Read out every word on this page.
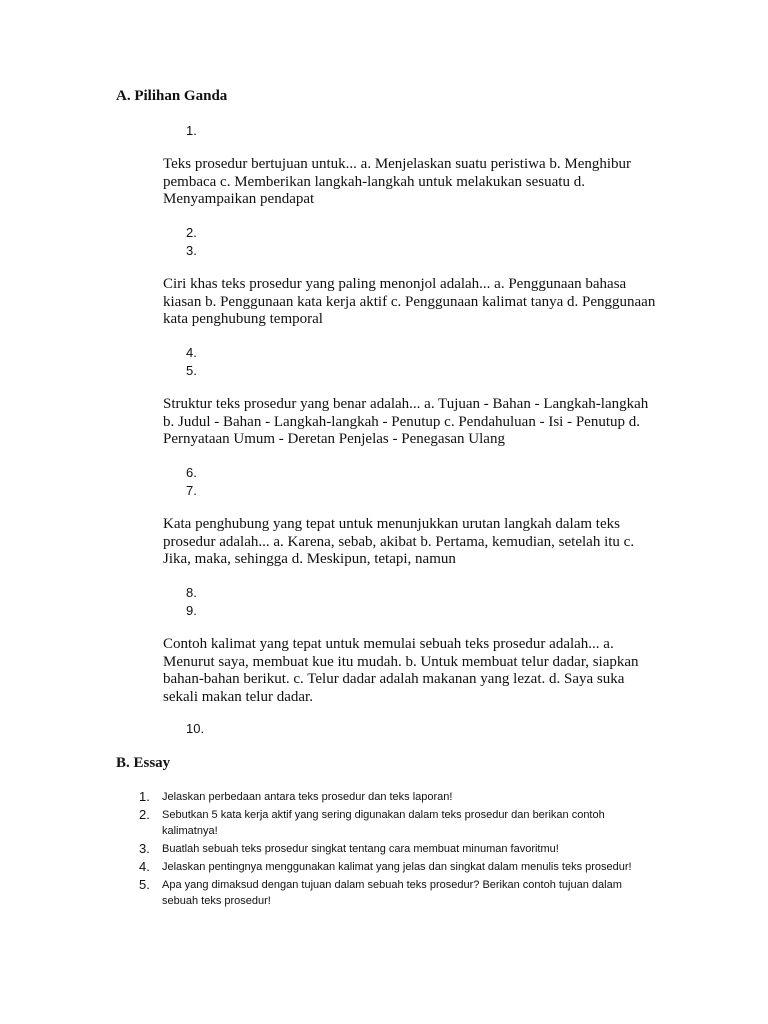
A. Pilihan Ganda
1.
Teks prosedur bertujuan untuk... a. Menjelaskan suatu peristiwa b. Menghibur pembaca c. Memberikan langkah-langkah untuk melakukan sesuatu d. Menyampaikan pendapat
2.
3.
Ciri khas teks prosedur yang paling menonjol adalah... a. Penggunaan bahasa kiasan b. Penggunaan kata kerja aktif c. Penggunaan kalimat tanya d. Penggunaan kata penghubung temporal
4.
5.
Struktur teks prosedur yang benar adalah... a. Tujuan - Bahan - Langkah-langkah b. Judul - Bahan - Langkah-langkah - Penutup c. Pendahuluan - Isi - Penutup d. Pernyataan Umum - Deretan Penjelas - Penegasan Ulang
6.
7.
Kata penghubung yang tepat untuk menunjukkan urutan langkah dalam teks prosedur adalah... a. Karena, sebab, akibat b. Pertama, kemudian, setelah itu c. Jika, maka, sehingga d. Meskipun, tetapi, namun
8.
9.
Contoh kalimat yang tepat untuk memulai sebuah teks prosedur adalah... a. Menurut saya, membuat kue itu mudah. b. Untuk membuat telur dadar, siapkan bahan-bahan berikut. c. Telur dadar adalah makanan yang lezat. d. Saya suka sekali makan telur dadar.
10.
B. Essay
1. Jelaskan perbedaan antara teks prosedur dan teks laporan!
2. Sebutkan 5 kata kerja aktif yang sering digunakan dalam teks prosedur dan berikan contoh kalimatnya!
3. Buatlah sebuah teks prosedur singkat tentang cara membuat minuman favoritmu!
4. Jelaskan pentingnya menggunakan kalimat yang jelas dan singkat dalam menulis teks prosedur!
5. Apa yang dimaksud dengan tujuan dalam sebuah teks prosedur? Berikan contoh tujuan dalam sebuah teks prosedur!
